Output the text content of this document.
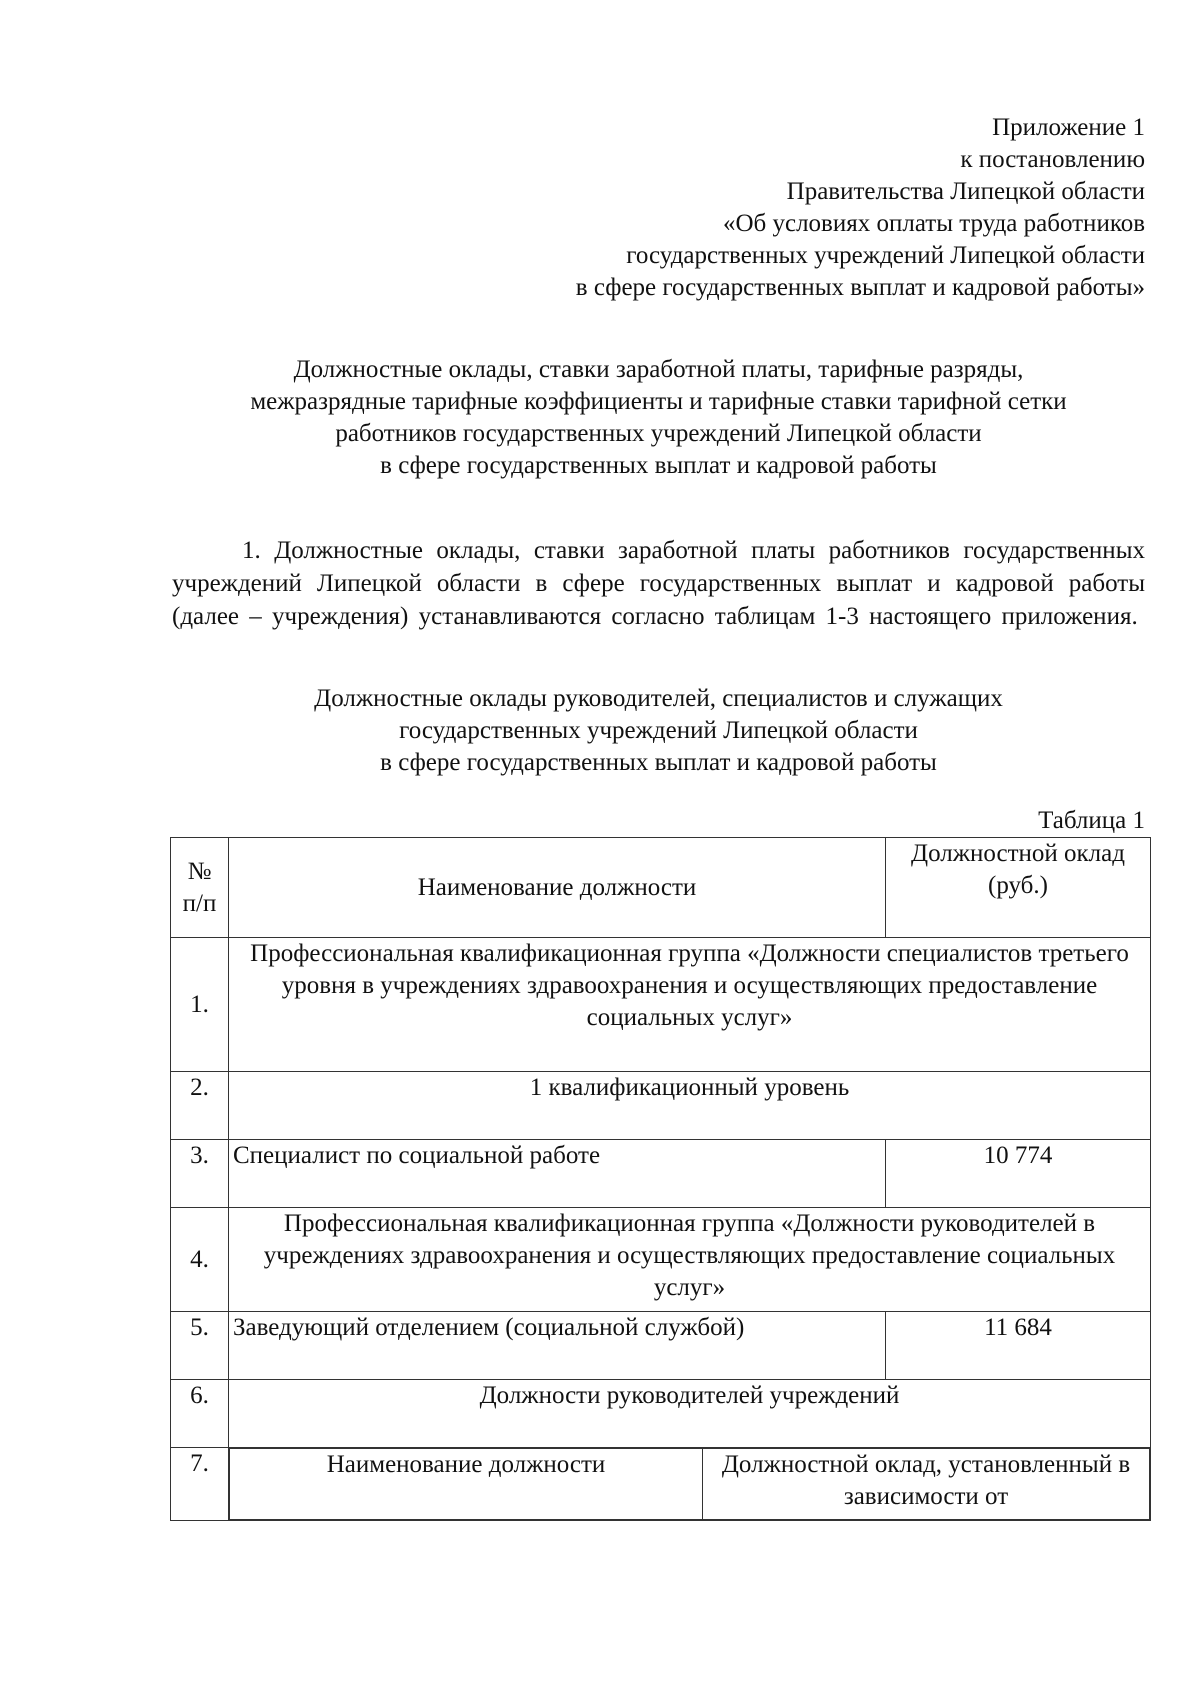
Приложение 1
к постановлению
Правительства Липецкой области
«Об условиях оплаты труда работников
государственных учреждений Липецкой области
в сфере государственных выплат и кадровой работы»
Должностные оклады, ставки заработной платы, тарифные разряды,
межразрядные тарифные коэффициенты и тарифные ставки тарифной сетки
работников государственных учреждений Липецкой области
в сфере государственных выплат и кадровой работы

1. Должностные оклады, ставки заработной платы работников государственных учреждений Липецкой области в сфере государственных выплат и кадровой работы (далее – учреждения) устанавливаются согласно таблицам 1-3 настоящего приложения.

Должностные оклады руководителей, специалистов и служащих
государственных учреждений Липецкой области
в сфере государственных выплат и кадровой работы
Таблица 1
№ п/п	Наименование должности	Должностной оклад (руб.)
1.	Профессиональная квалификационная группа «Должности специалистов третьего уровня в учреждениях здравоохранения и осуществляющих предоставление социальных услуг»
2.	1 квалификационный уровень
3.	Специалист по социальной работе	10 774
4.	Профессиональная квалификационная группа «Должности руководителей в учреждениях здравоохранения и осуществляющих предоставление социальных услуг»
5.	Заведующий отделением (социальной службой)	11 684
6.	Должности руководителей учреждений
7.		Наименование должности	Должностной оклад, установленный в зависимости от
